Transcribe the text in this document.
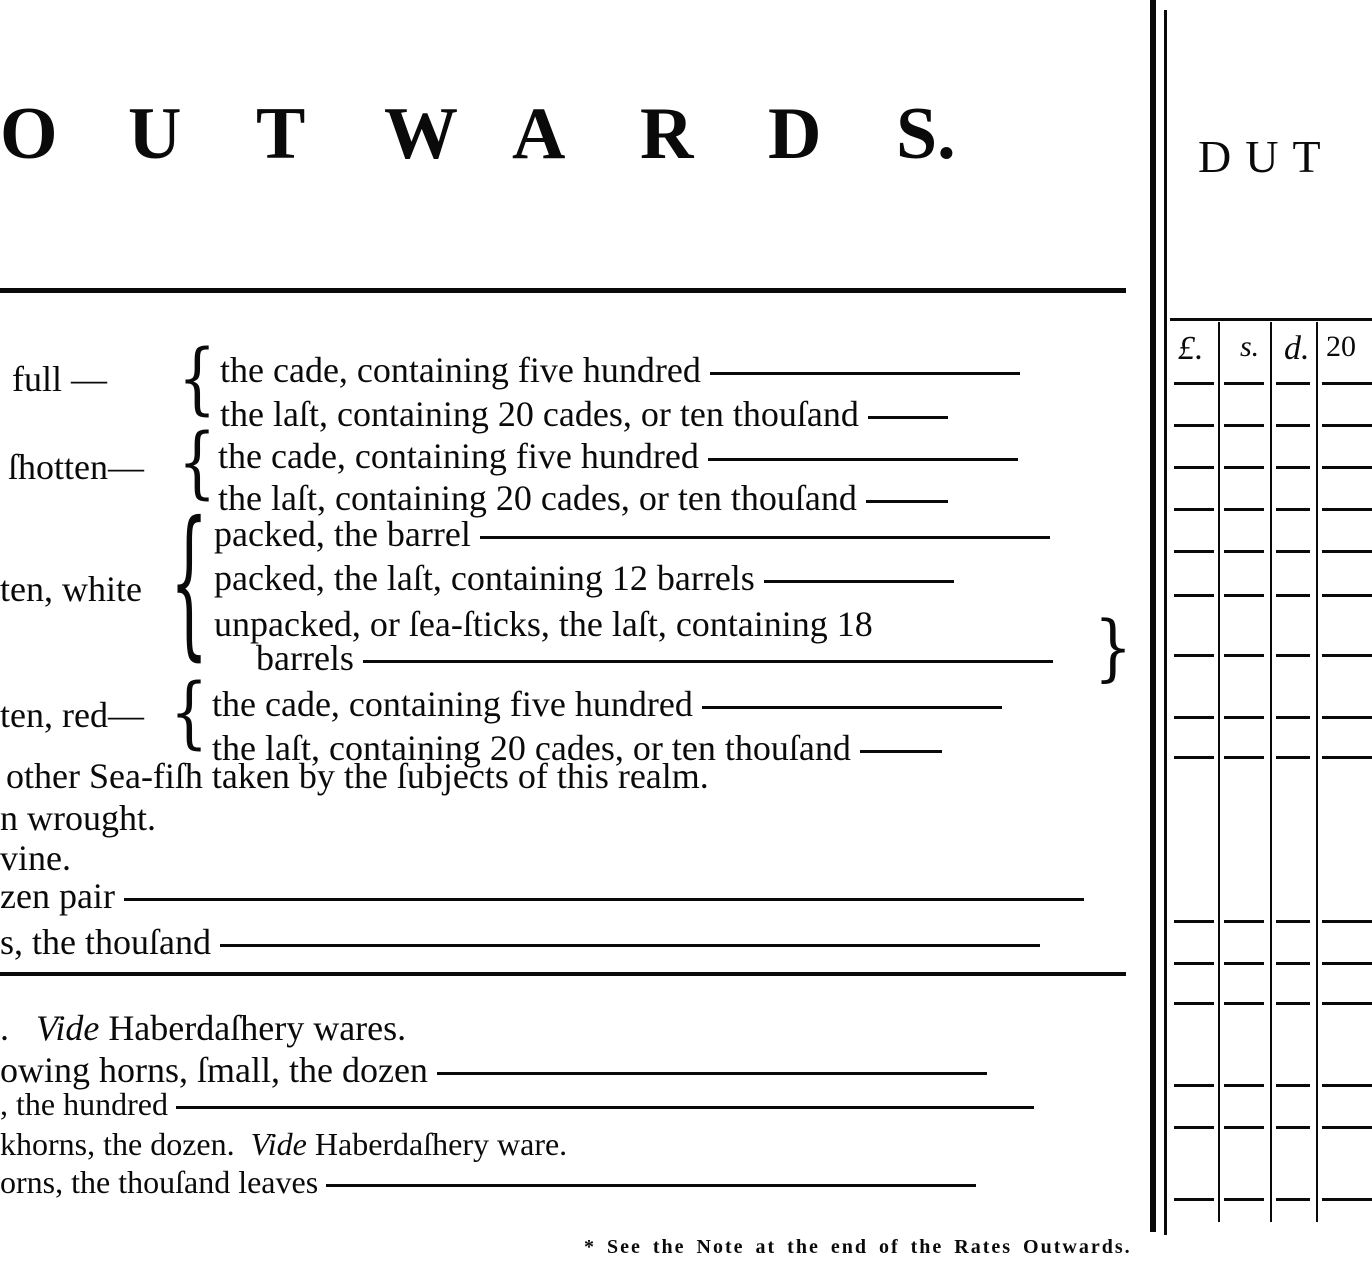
O U T W A R D S.	DUT
£. s. d. 20
full — { the cade, containing five hundred
the laſt, containing 20 cades, or ten thouſand
ſhotten— { the cade, containing five hundred
the laſt, containing 20 cades, or ten thouſand
ten, white { packed, the barrel
packed, the laſt, containing 12 barrels
unpacked, or ſea-ſticks, the laſt, containing 18
barrels	}
ten, red— { the cade, containing five hundred
the laſt, containing 20 cades, or ten thouſand
other Sea-fiſh taken by the ſubjects of this realm.
n wrought.
vine.
zen pair
s, the thouſand
. Vide Haberdaſhery wares.
owing horns, ſmall, the dozen
, the hundred
khorns, the dozen. Vide Haberdaſhery ware.
orns, the thouſand leaves
* See the Note at the end of the Rates Outwards.
